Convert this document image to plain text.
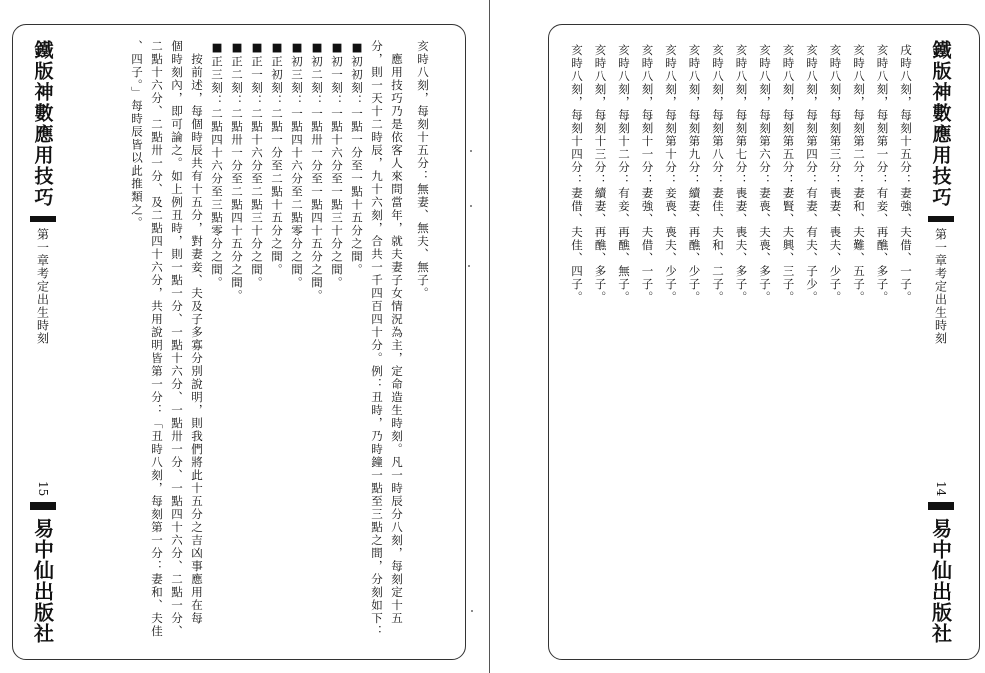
鐵版神數應用技巧
第一章考定出生時刻
15
易中仙出版社
亥時八刻，每刻十五分：無妻、無夫、無子。
　應用技巧乃是依客人來問當年，就夫妻子女情況為主，定命造生時刻。凡一時辰分八刻，每刻定十五
分，則一天十二時辰，九十六刻，合共一千四百四十分。例：丑時，乃時鐘一點至三點之間，分刻如下：
■初初刻：一點一分至一點十五分之間。
■初一刻：一點十六分至一點三十分之間。
■初二刻：一點卅一分至一點四十五分之間。
■初三刻：一點四十六分至二點零分之間。
■正初刻：二點一分至二點十五分之間。
■正一刻：二點十六分至二點三十分之間。
■正二刻：二點卅一分至二點四十五分之間。
■正三刻：二點四十六分至三點零分之間。
　按前述，每個時辰共有十五分，對妻妾、夫及子多寡分別說明，則我們將此十五分之吉凶事應用在每
個時刻內，即可論之。如上例丑時，則一點一分、一點十六分、一點卅一分、一點四十六分、二點一分、
二點十六分、二點卅一分、及二點四十六分，共用說明皆第一分：「丑時八刻，每刻第一分：妻和、夫佳
、四子。」每時辰皆以此推類之。	鐵版神數應用技巧
第一章考定出生時刻
14
易中仙出版社
戌時八刻，每刻十五分：妻強、夫借、一子。
亥時八刻，每刻第一分：有妾、再醮、多子。
亥時八刻，每刻第二分：妻和、夫難、五子。
亥時八刻，每刻第三分：喪妻、喪夫、少子。
亥時八刻，每刻第四分：有妻、有夫、子少。
亥時八刻，每刻第五分：妻賢、夫興、三子。
亥時八刻，每刻第六分：妻喪、夫喪、多子。
亥時八刻，每刻第七分：喪妻、喪夫、多子。
亥時八刻，每刻第八分：妻佳、夫和、二子。
亥時八刻，每刻第九分：續妻、再醮、少子。
亥時八刻，每刻第十分：妾喪、喪夫、少子。
亥時八刻，每刻十一分：妻強、夫借、一子。
亥時八刻，每刻十二分：有妾、再醮、無子。
亥時八刻，每刻十三分：續妻、再醮、多子。
亥時八刻，每刻十四分：妻借、夫佳、四子。
